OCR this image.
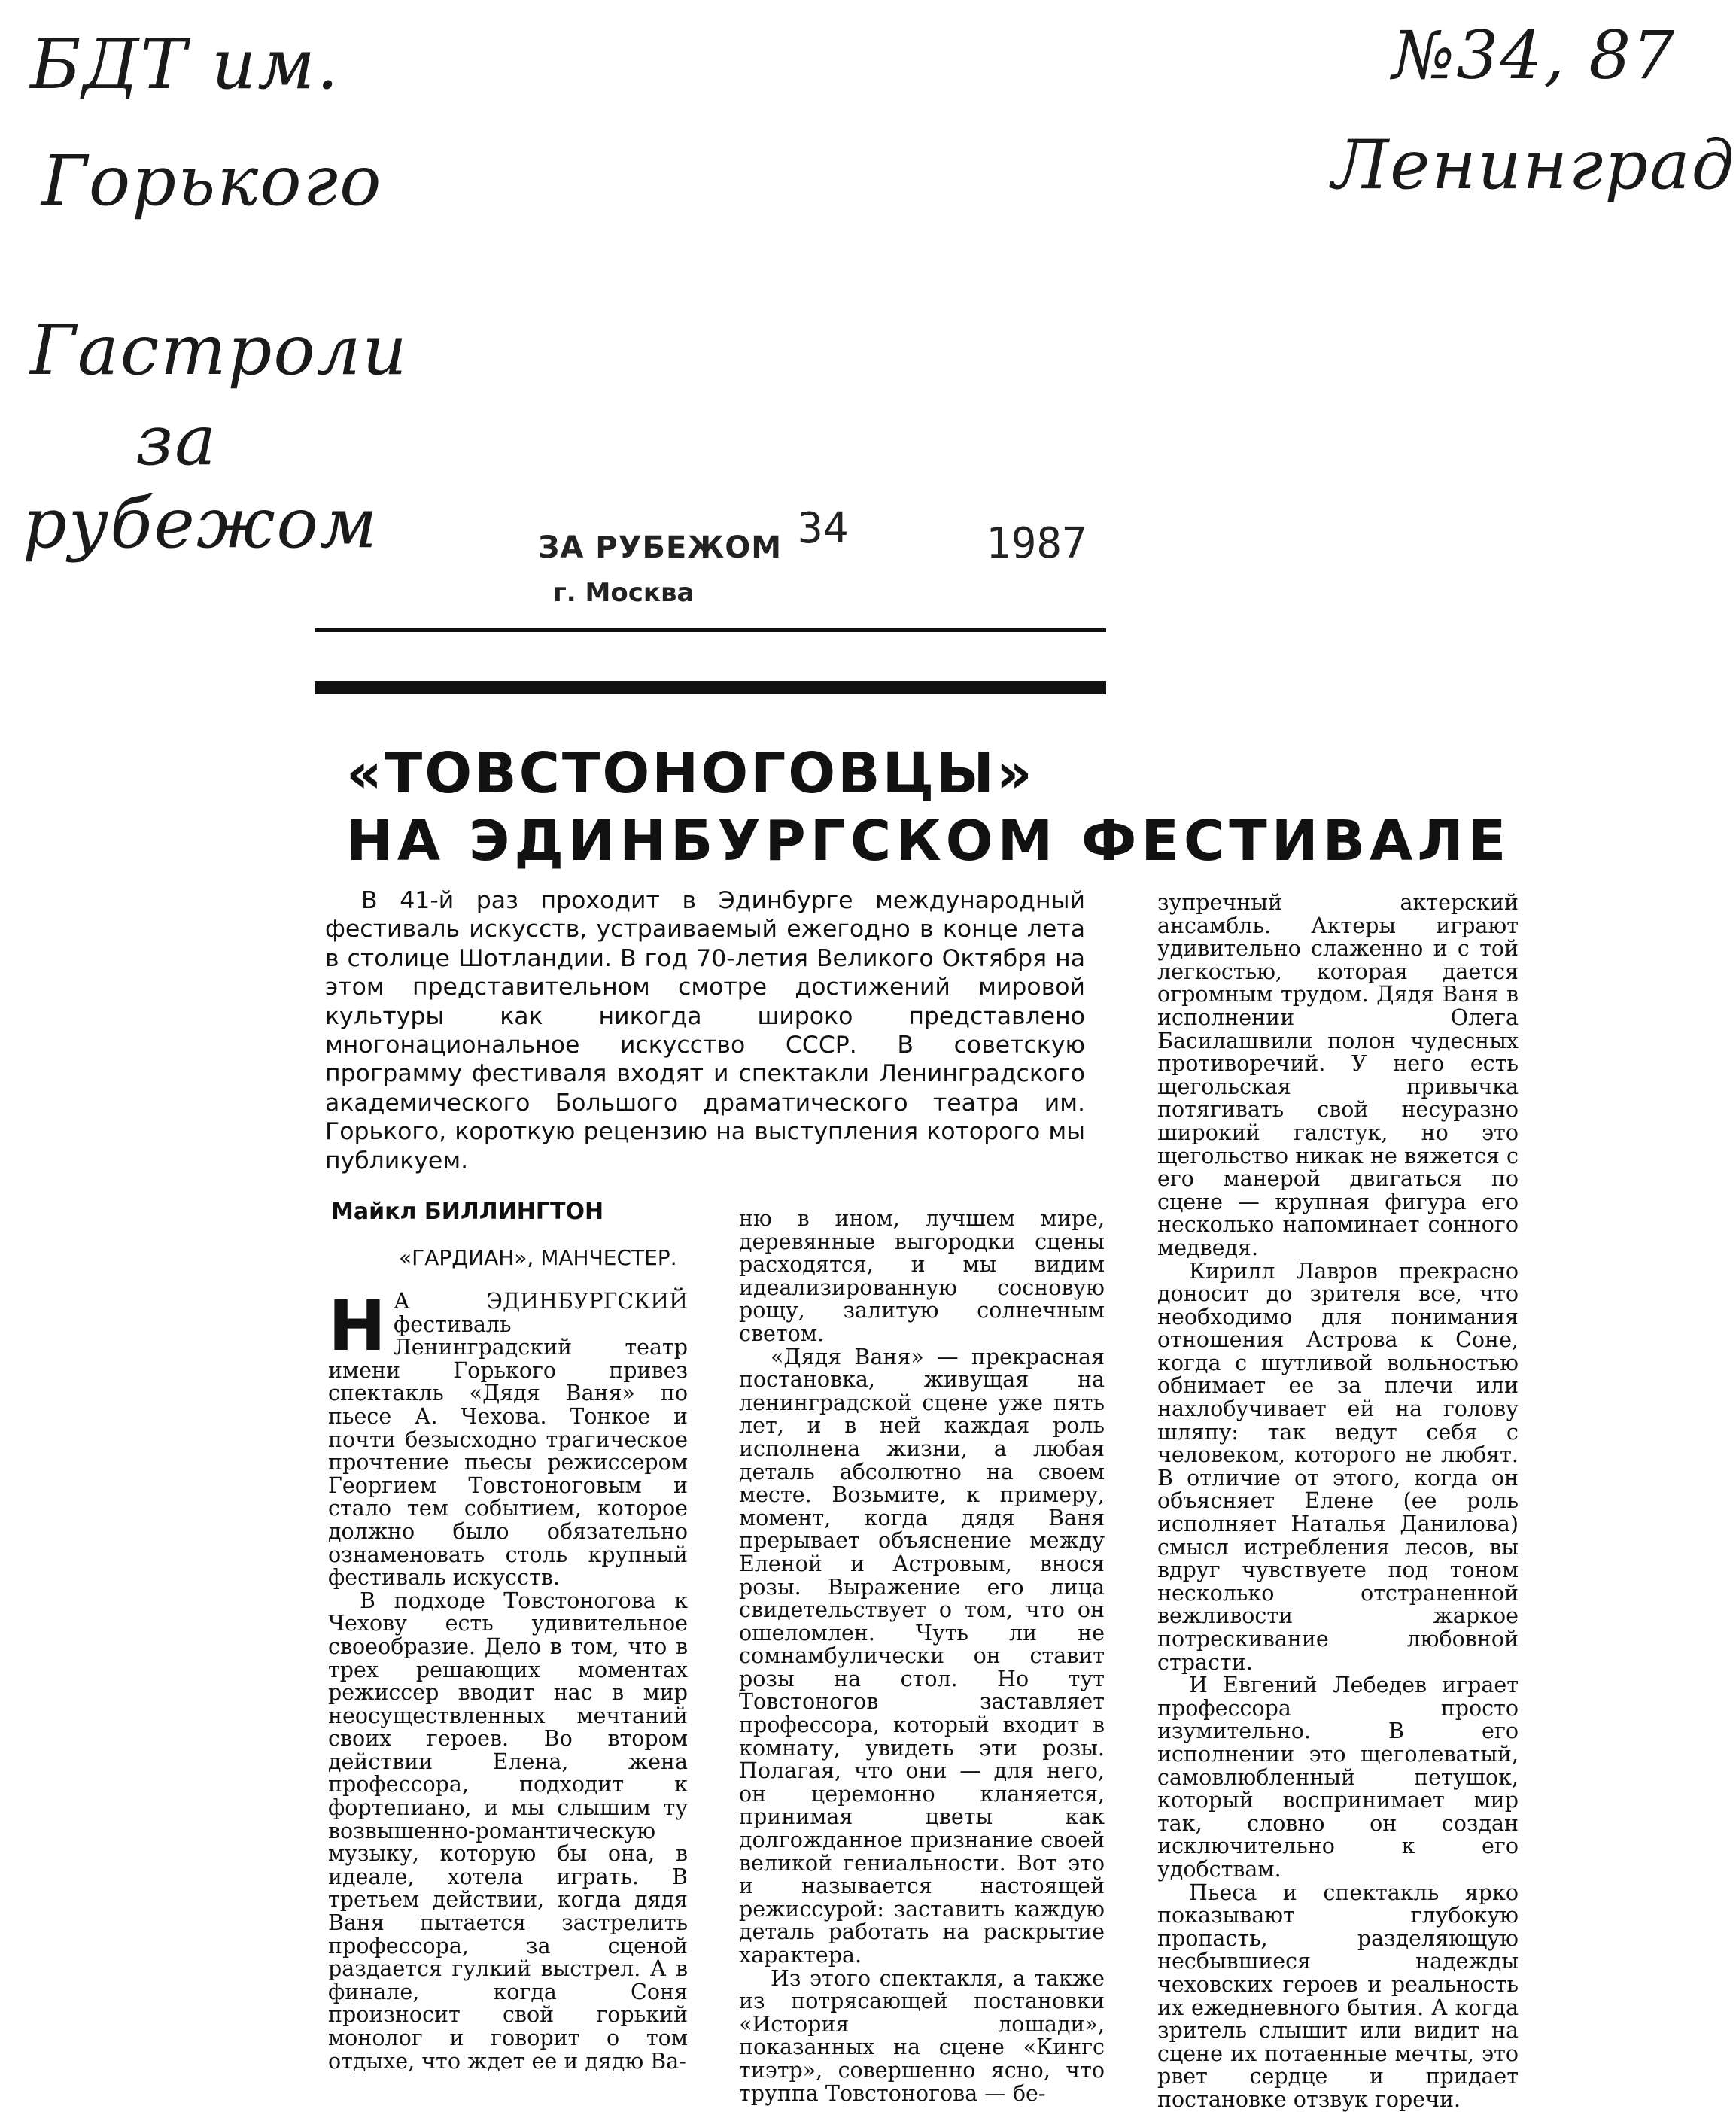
БДТ им.
Горького
Гастроли
за
рубежом
№34, 87
Ленинград
ЗА РУБЕЖОМ
г. Москва
34	1987
«ТОВСТОНОГОВЦЫ»
НА ЭДИНБУРГСКОМ ФЕСТИВАЛЕ

В 41-й раз проходит в Эдинбурге международный фестиваль искусств, устраиваемый ежегодно в конце лета в столице Шотландии. В год 70-летия Великого Октября на этом представительном смотре достижений мировой культуры как никогда широко представлено многонациональное искусство СССР. В советскую программу фестиваля входят и спектакли Ленинградского академического Большого драматического театра им. Горького, короткую рецензию на выступления которого мы публикуем.

Майкл БИЛЛИНГТОН
«ГАРДИАН», МАНЧЕСТЕР.

Н А ЭДИНБУРГСКИЙ фестиваль Ленинградский театр имени Горького привез спектакль «Дядя Ваня» по пьесе А. Чехова. Тонкое и почти безысходно трагическое прочтение пьесы режиссером Георгием Товстоноговым и стало тем событием, которое должно было обязательно ознаменовать столь крупный фестиваль искусств.

В подходе Товстоногова к Чехову есть удивительное своеобразие. Дело в том, что в трех решающих моментах режиссер вводит нас в мир неосуществленных мечтаний своих героев. Во втором действии Елена, жена профессора, подходит к фортепиано, и мы слышим ту возвышенно-романтическую музыку, которую бы она, в идеале, хотела играть. В третьем действии, когда дядя Ваня пытается застрелить профессора, за сценой раздается гулкий выстрел. А в финале, когда Соня произносит свой горький монолог и говорит о том отдыхе, что ждет ее и дядю Ва-

ню в ином, лучшем мире, деревянные выгородки сцены расходятся, и мы видим идеализированную сосновую рощу, залитую солнечным светом.

«Дядя Ваня» — прекрасная постановка, живущая на ленинградской сцене уже пять лет, и в ней каждая роль исполнена жизни, а любая деталь абсолютно на своем месте. Возьмите, к примеру, момент, когда дядя Ваня прерывает объяснение между Еленой и Астровым, внося розы. Выражение его лица свидетельствует о том, что он ошеломлен. Чуть ли не сомнамбулически он ставит розы на стол. Но тут Товстоногов заставляет профессора, который входит в комнату, увидеть эти розы. Полагая, что они — для него, он церемонно кланяется, принимая цветы как долгожданное признание своей великой гениальности. Вот это и называется настоящей режиссурой: заставить каждую деталь работать на раскрытие характера.

Из этого спектакля, а также из потрясающей постановки «История лошади», показанных на сцене «Кингс тиэтр», совершенно ясно, что труппа Товстоногова — бе-

зупречный актерский ансамбль. Актеры играют удивительно слаженно и с той легкостью, которая дается огромным трудом. Дядя Ваня в исполнении Олега Басилашвили полон чудесных противоречий. У него есть щегольская привычка потягивать свой несуразно широкий галстук, но это щегольство никак не вяжется с его манерой двигаться по сцене — крупная фигура его несколько напоминает сонного медведя.

Кирилл Лавров прекрасно доносит до зрителя все, что необходимо для понимания отношения Астрова к Соне, когда с шутливой вольностью обнимает ее за плечи или нахлобучивает ей на голову шляпу: так ведут себя с человеком, которого не любят. В отличие от этого, когда он объясняет Елене (ее роль исполняет Наталья Данилова) смысл истребления лесов, вы вдруг чувствуете под тоном несколько отстраненной вежливости жаркое потрескивание любовной страсти.

И Евгений Лебедев играет профессора просто изумительно. В его исполнении это щеголеватый, самовлюбленный петушок, который воспринимает мир так, словно он создан исключительно к его удобствам.

Пьеса и спектакль ярко показывают глубокую пропасть, разделяющую несбывшиеся надежды чеховских героев и реальность их ежедневного бытия. А когда зритель слышит или видит на сцене их потаенные мечты, это рвет сердце и придает постановке отзвук горечи.
